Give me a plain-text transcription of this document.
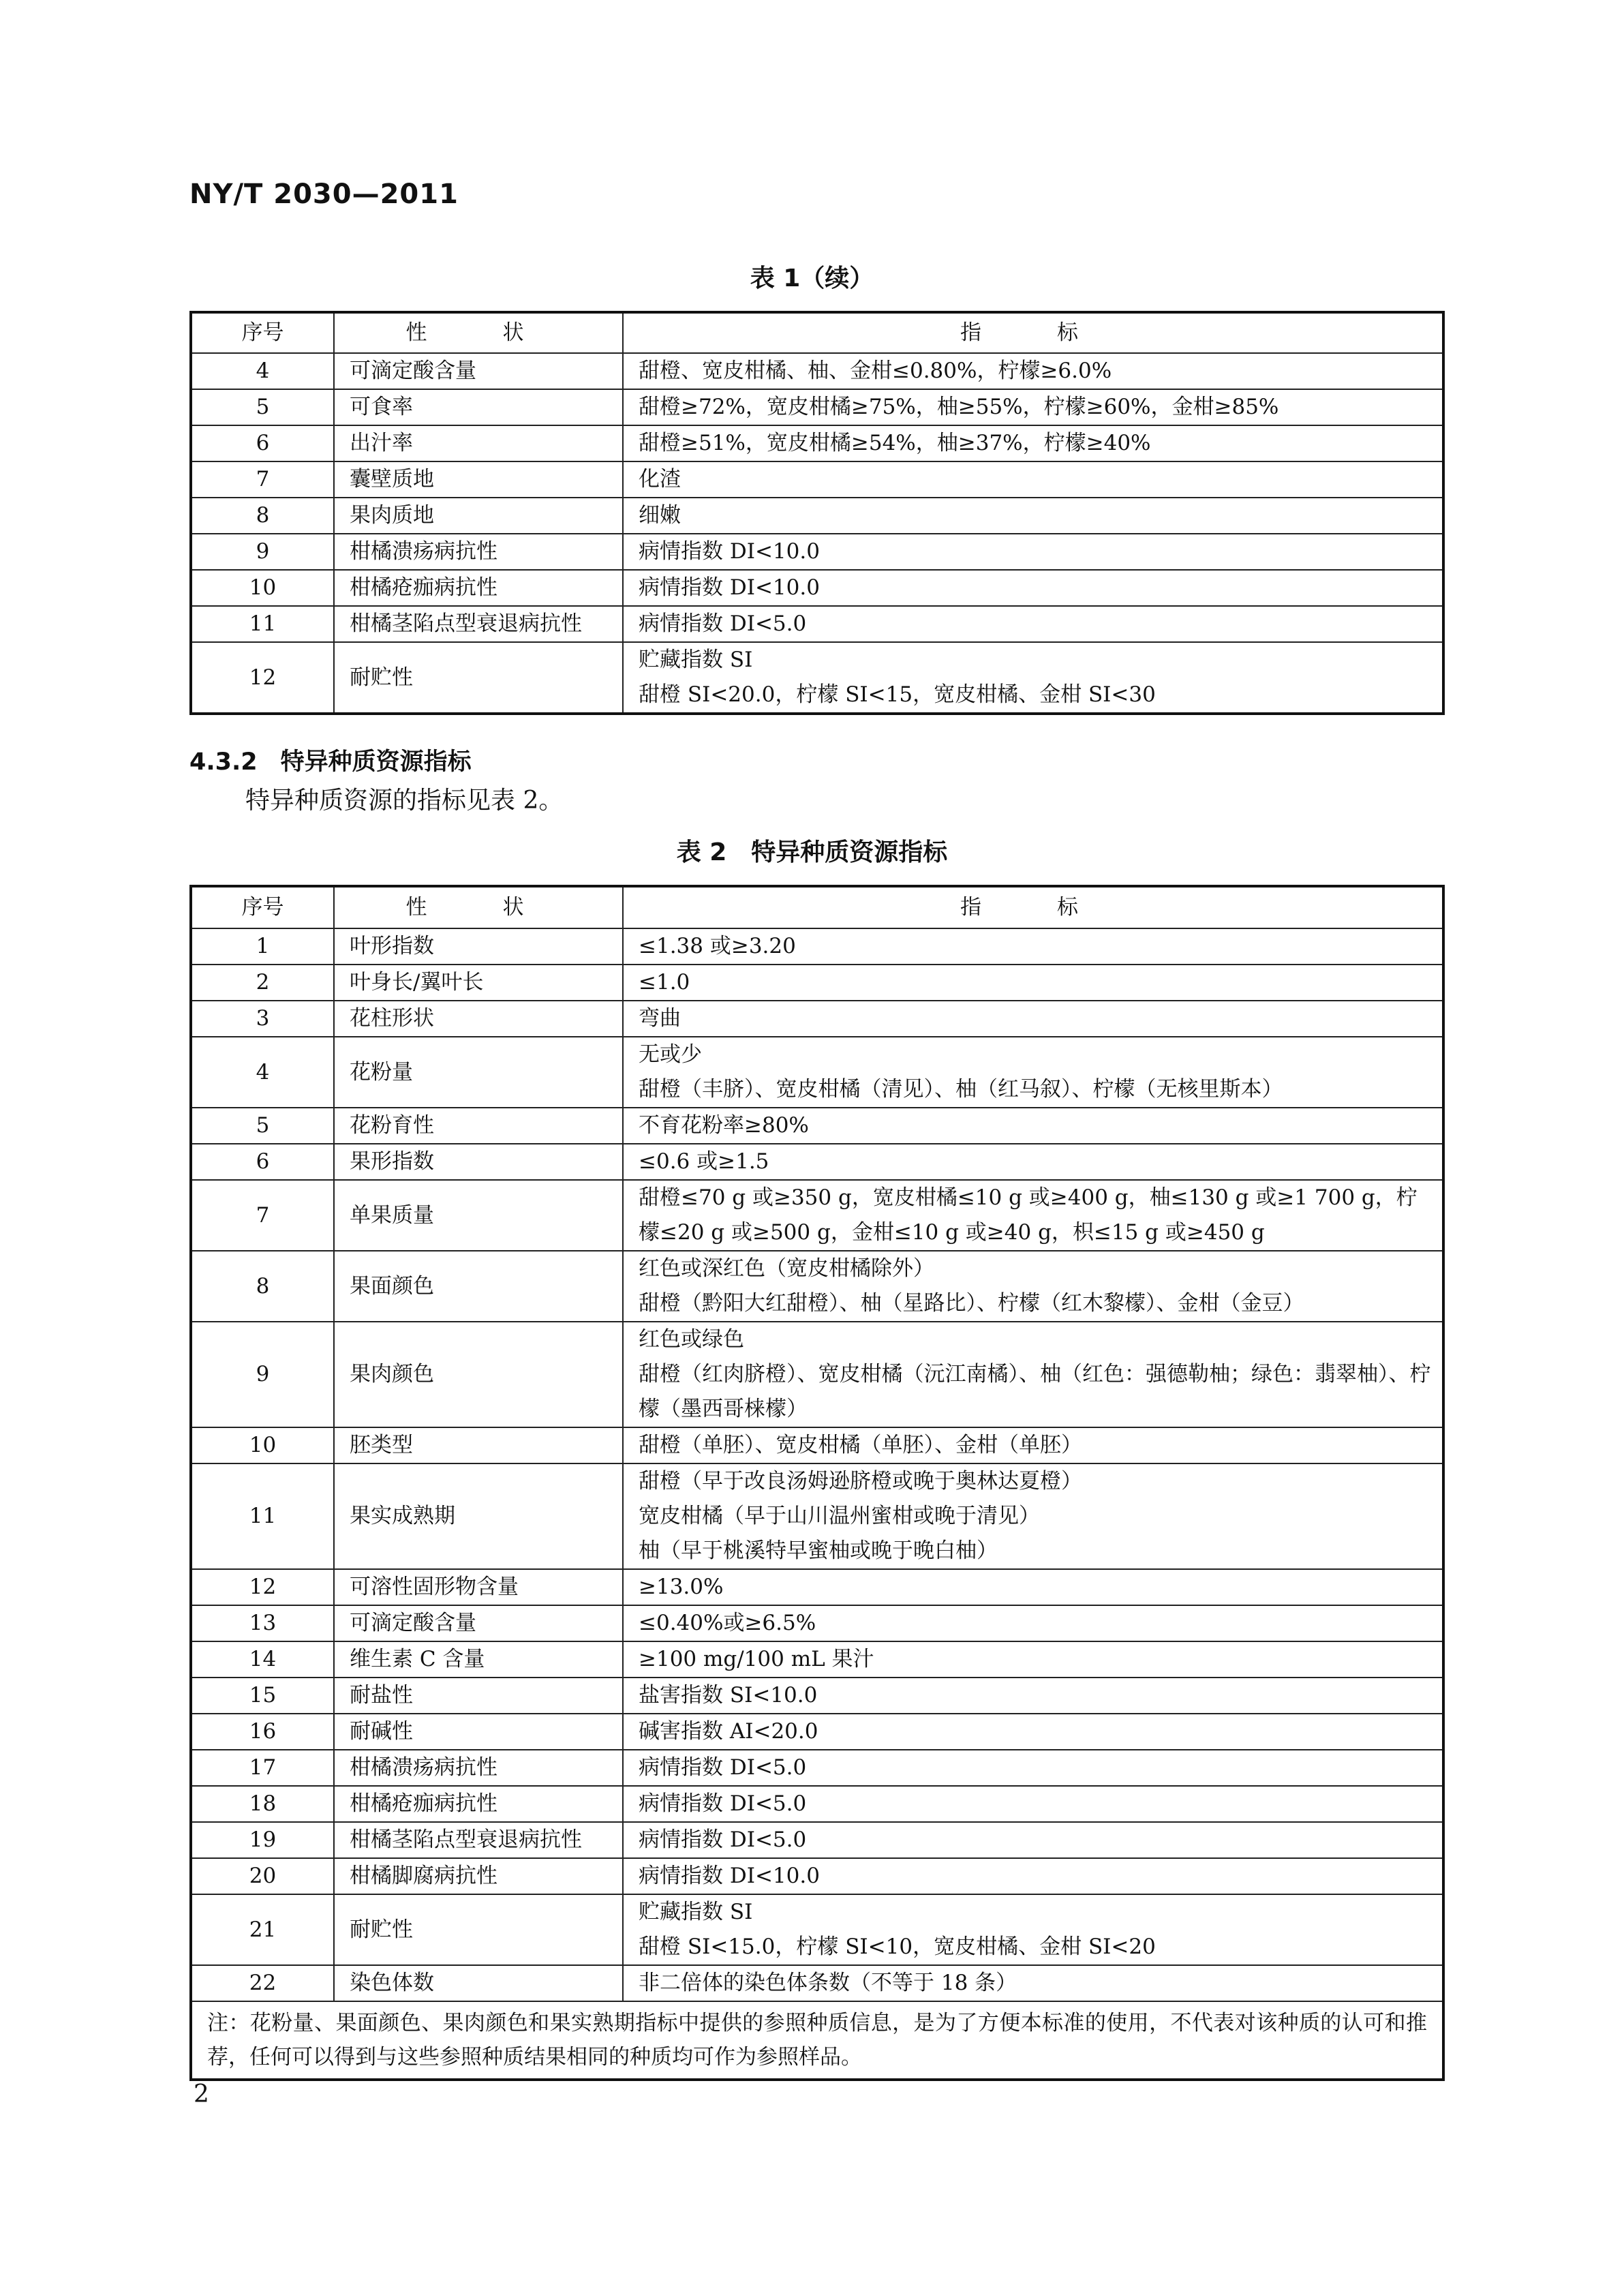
NY/T 2030—2011
表 1（续）
序号	性　状	指　标
4	可滴定酸含量	甜橙、宽皮柑橘、柚、金柑≤0.80%，柠檬≥6.0%

5	可食率	甜橙≥72%，宽皮柑橘≥75%，柚≥55%，柠檬≥60%，金柑≥85%

6	出汁率	甜橙≥51%，宽皮柑橘≥54%，柚≥37%，柠檬≥40%

7	囊壁质地	化渣

8	果肉质地	细嫩

9	柑橘溃疡病抗性	病情指数 DI<10.0

10	柑橘疮痂病抗性	病情指数 DI<10.0

11	柑橘茎陷点型衰退病抗性	病情指数 DI<5.0

12	耐贮性	贮藏指数 SI
甜橙 SI<20.0，柠檬 SI<15，宽皮柑橘、金柑 SI<30
4.3.2 特异种质资源指标
特异种质资源的指标见表 2。
表 2　特异种质资源指标
序号	性　状	指　标
1	叶形指数	≤1.38 或≥3.20

2	叶身长/翼叶长	≤1.0

3	花柱形状	弯曲

4	花粉量	无或少
甜橙（丰脐）、宽皮柑橘（清见）、柚（红马叙）、柠檬（无核里斯本）

5	花粉育性	不育花粉率≥80%

6	果形指数	≤0.6 或≥1.5

7	单果质量	甜橙≤70 g 或≥350 g，宽皮柑橘≤10 g 或≥400 g，柚≤130 g 或≥1 700 g，柠檬≤20 g 或≥500 g，金柑≤10 g 或≥40 g，枳≤15 g 或≥450 g

8	果面颜色	红色或深红色（宽皮柑橘除外）
甜橙（黔阳大红甜橙）、柚（星路比）、柠檬（红木黎檬）、金柑（金豆）

9	果肉颜色	红色或绿色
甜橙（红肉脐橙）、宽皮柑橘（沅江南橘）、柚（红色：强德勒柚；绿色：翡翠柚）、柠檬（墨西哥梾檬）

10	胚类型	甜橙（单胚）、宽皮柑橘（单胚）、金柑（单胚）

11	果实成熟期	甜橙（早于改良汤姆逊脐橙或晚于奥林达夏橙）
宽皮柑橘（早于山川温州蜜柑或晚于清见）
柚（早于桃溪特早蜜柚或晚于晚白柚）

12	可溶性固形物含量	≥13.0%

13	可滴定酸含量	≤0.40%或≥6.5%

14	维生素 C 含量	≥100 mg/100 mL 果汁

15	耐盐性	盐害指数 SI<10.0

16	耐碱性	碱害指数 AI<20.0

17	柑橘溃疡病抗性	病情指数 DI<5.0

18	柑橘疮痂病抗性	病情指数 DI<5.0

19	柑橘茎陷点型衰退病抗性	病情指数 DI<5.0

20	柑橘脚腐病抗性	病情指数 DI<10.0

21	耐贮性	贮藏指数 SI
甜橙 SI<15.0，柠檬 SI<10，宽皮柑橘、金柑 SI<20

22	染色体数	非二倍体的染色体条数（不等于 18 条）

注：花粉量、果面颜色、果肉颜色和果实熟期指标中提供的参照种质信息，是为了方便本标准的使用，不代表对该种质的认可和推荐，任何可以得到与这些参照种质结果相同的种质均可作为参照样品。		
2
